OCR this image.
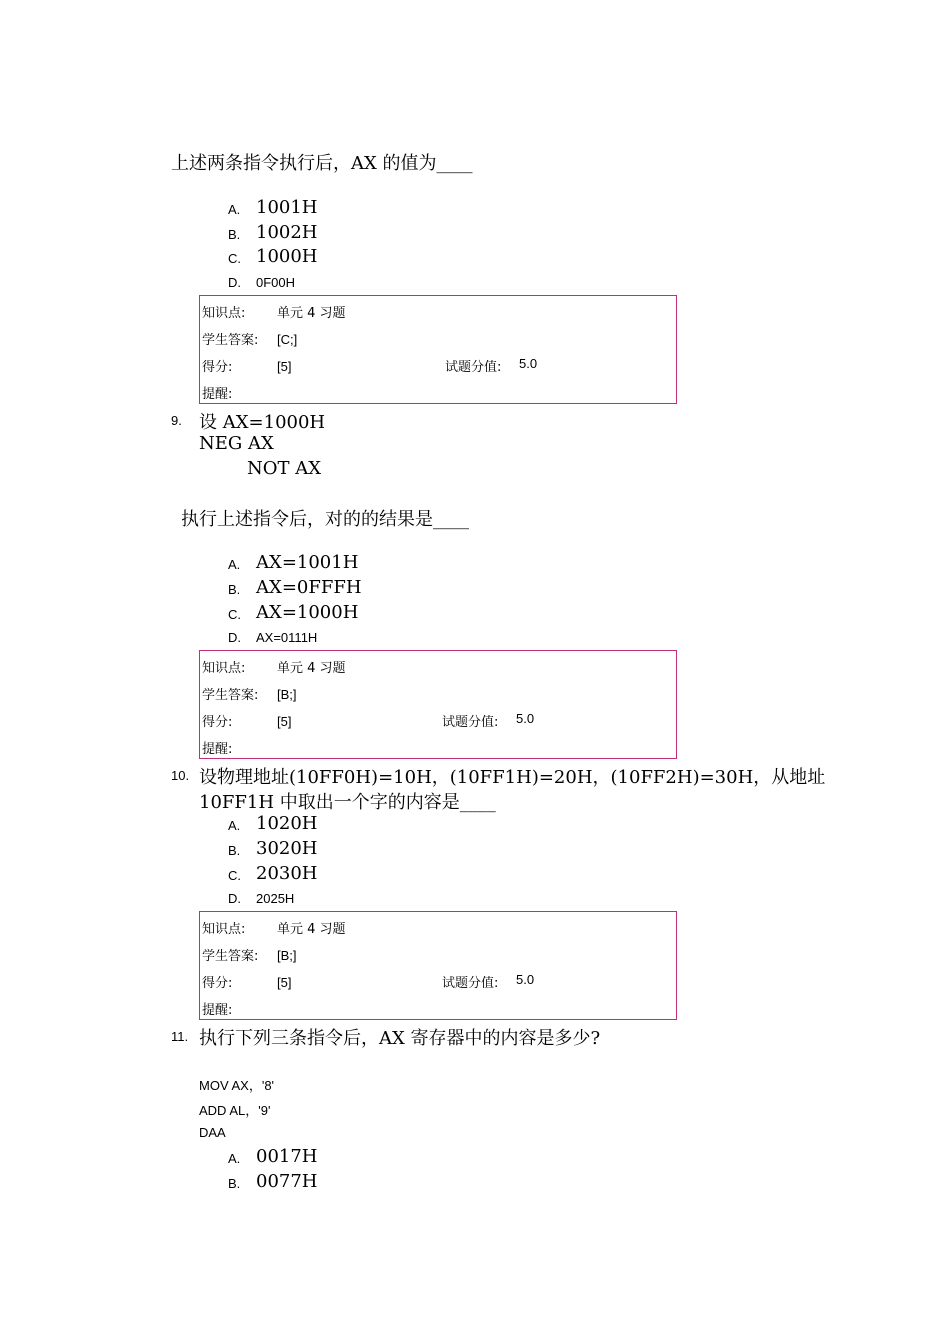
上述两条指令执行后，AX 的值为____
A. 1001H
B. 1002H
C. 1000H
D. 0F00H
知识点: 单元 4 习题
学生答案: [C;]
得分:	[5]	试题分值: 5.0
提醒:
9. 设 AX=1000H
NEG AX
NOT AX
执行上述指令后，对的的结果是____
A. AX=1001H
B. AX=0FFFH
C. AX=1000H
D. AX=0111H
知识点: 单元 4 习题
学生答案: [B;]
得分:	[5]	试题分值: 5.0
提醒:
10. 设物理地址(10FF0H)=10H，(10FF1H)=20H，(10FF2H)=30H，从地址
10FF1H 中取出一个字的内容是____
A. 1020H
B. 3020H
C. 2030H
D. 2025H
知识点: 单元 4 习题
学生答案: [B;]
得分:	[5]	试题分值: 5.0
提醒:
11. 执行下列三条指令后，AX 寄存器中的内容是多少?
MOV AX，'8'
ADD AL，'9'
DAA
A. 0017H
B. 0077H
